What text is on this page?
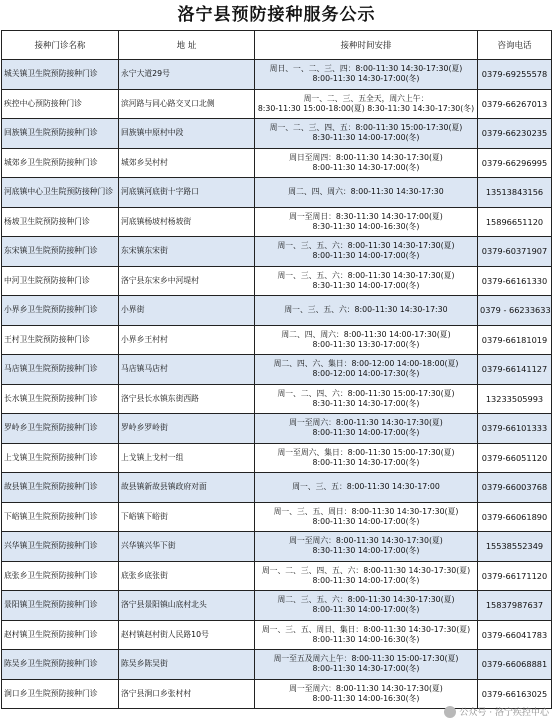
洛宁县预防接种服务公示
接种门诊名称	地 址	接种时间安排	咨询电话

城关镇卫生院预防接种门诊	永宁大道29号	周日、一、二、三、四：8:00-11:30 14:30-17:30(夏)
8:00-11:30 14:30-17:00(冬)	0379-69255578

疾控中心预防接种门诊	滨河路与同心路交叉口北侧	周一、二、三、五全天，周六上午：
8:30-11:30 15:00-18:00(夏) 8:30-11:30 14:30-17:30(冬)	0379-66267013

回族镇卫生院预防接种门诊	回族镇中原村中段	周一、二、三、四、五：8:00-11:30 15:00-17:30(夏)
8:30-11:30 14:00-17:00(冬)	0379-66230235

城郊乡卫生院预防接种门诊	城郊乡吴村村	周日至周四：8:00-11:30 14:30-17:30(夏)
8:00-11:30 14:30-17:00(冬)	0379-66296995

河底镇中心卫生院预防接种门诊	河底镇河底街十字路口	周二、四、周六：8:00-11:30 14:30-17:30	13513843156

杨坡卫生院预防接种门诊	河底镇杨坡村杨坡街	周一至周日：8:30-11:30 14:30-17:00(夏)
8:30-11:30 14:00-16:30(冬)	15896651120

东宋镇卫生院预防接种门诊	东宋镇东宋街	周一、三、五、六：8:00-11:30 14:30-17:30(夏)
8:00-11:30 14:00-17:00(冬)	0379-60371907

中河卫生院预防接种门诊	洛宁县东宋乡中河堤村	周一、三、五、六：8:00-11:30 14:30-17:30(夏)
8:30-11:30 14:00-17:00(冬)	0379-66161330

小界乡卫生院预防接种门诊	小界街	周一、三、五、六：8:00-11:30 14:30-17:30	0379 - 66233633

王村卫生院预防接种门诊	小界乡王村村	周二、四、周六：8:00-11:30 14:00-17:30(夏)
8:00-11:30 13:30-17:00(冬)	0379-66181019

马店镇卫生院预防接种门诊	马店镇马店村	周二、四、六、集日：8:00-12:00 14:00-18:00(夏)
8:00-12:00 14:00-17:30(冬)	0379-66141127

长水镇卫生院预防接种门诊	洛宁县长水镇东街西路	周一、二、四、六：8:00-11:30 15:00-17:30(夏)
8:30-11:30 14:30-17:00(冬)	13233505993

罗岭乡卫生院预防接种门诊	罗岭乡罗岭街	周一至周六：8:00-11:30 14:30-17:30(夏)
8:00-11:30 14:00-17:00(冬)	0379-66101333

上戈镇卫生院预防接种门诊	上戈镇上戈村一组	周一至周六、集日：8:00-11:30 15:00-17:30(夏)
8:00-11:30 14:30-17:00(冬)	0379-66051120

故县镇卫生院预防接种门诊	故县镇新故县镇政府对面	周一、三、五：8:00-11:30 14:30-17:00	0379-66003768

下峪镇卫生院预防接种门诊	下峪镇下峪街	周一、三、五、周日：8:00-11:30 14:30-17:30(夏)
8:00-11:30 14:00-17:00(冬)	0379-66061890

兴华镇卫生院预防接种门诊	兴华镇兴华下街	周一至周六：8:00-11:30 14:30-17:30(夏)
8:30-11:30 14:00-17:00(冬)	15538552349

底张乡卫生院预防接种门诊	底张乡底张街	周一、二、三、四、五、六：8:00-11:30 14:30-17:30(夏)
8:00-11:30 14:00-17:00(冬)	0379-66171120

景阳镇卫生院预防接种门诊	洛宁县景阳镇山底村北头	周二、三、五、六：8:00-11:30 14:30-17:30(夏)
8:00-11:30 14:00-17:00(冬)	15837987637

赵村镇卫生院预防接种门诊	赵村镇赵村街人民路10号	周一、三、五、周日、集日：8:00-11:30 14:30-17:30(夏)
8:00-11:30 14:00-16:30(冬)	0379-66041783

陈吴乡卫生院预防接种门诊	陈吴乡陈吴街	周一至五及周六上午：8:00-11:30 15:00-17:30(夏)
8:00-11:30 14:30-17:00(冬)	0379-66068881

涧口乡卫生院预防接种门诊	洛宁县涧口乡张村村	周一至周六：8:00-11:30 14:30-17:30(夏)
8:00-11:30 14:00-16:30(冬)	0379-66163025
公众号 · 洛宁疾控中心
